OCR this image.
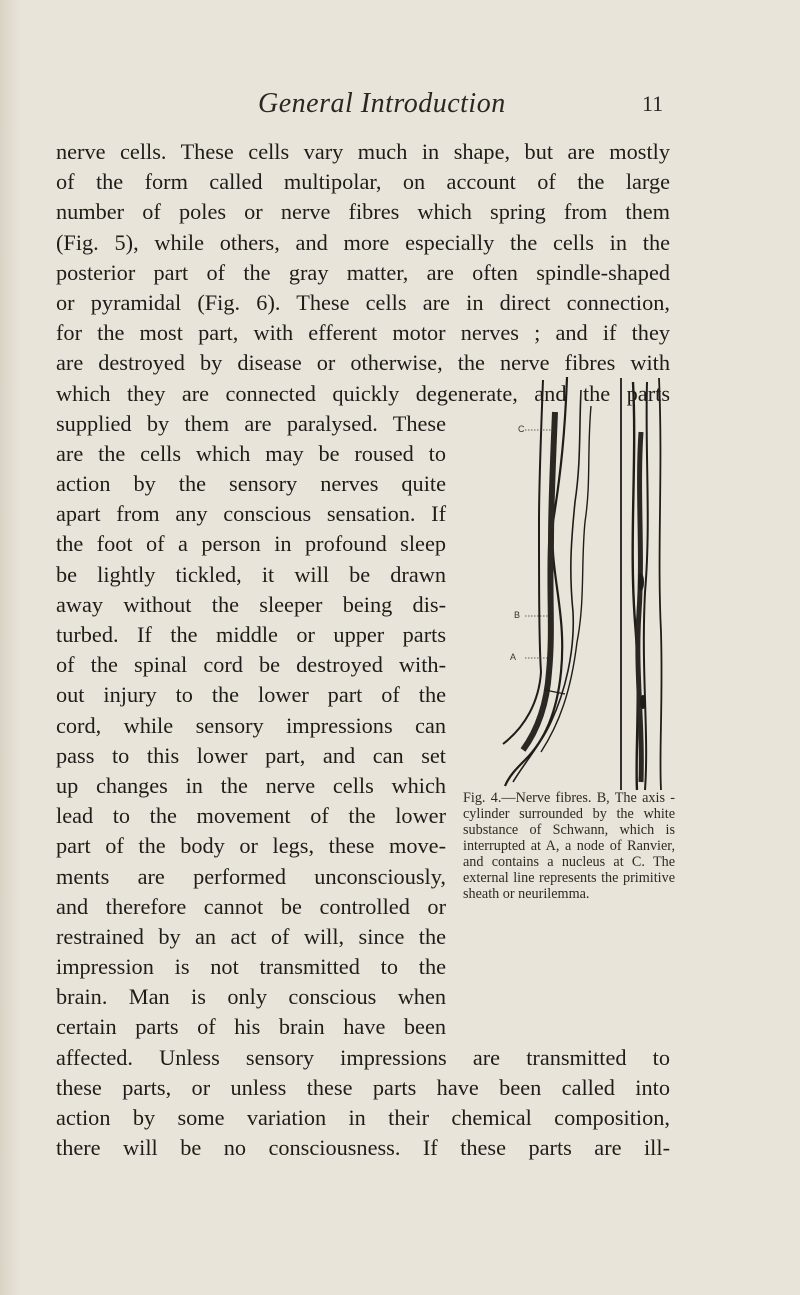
General Introduction	11
nerve cells. These cells vary much in shape, but are mostly
of the form called multipolar, on account of the large
number of poles or nerve fibres which spring from them
(Fig. 5), while others, and more especially the cells in the
posterior part of the gray matter, are often spindle-shaped
or pyramidal (Fig. 6). These cells are in direct connection,
for the most part, with efferent motor nerves ; and if they
are destroyed by disease or otherwise, the nerve fibres with
which they are connected quickly degenerate, and the parts
supplied by them are paralysed. These
are the cells which may be roused to
action by the sensory nerves quite
apart from any conscious sensation. If
the foot of a person in profound sleep
be lightly tickled, it will be drawn
away without the sleeper being dis-
turbed. If the middle or upper parts
of the spinal cord be destroyed with-
out injury to the lower part of the
cord, while sensory impressions can
pass to this lower part, and can set
up changes in the nerve cells which
lead to the movement of the lower
part of the body or legs, these move-
ments are performed unconsciously,
and therefore cannot be controlled or
restrained by an act of will, since the
impression is not transmitted to the
brain. Man is only conscious when
certain parts of his brain have been
affected. Unless sensory impressions are transmitted to
these parts, or unless these parts have been called into
action by some variation in their chemical composition,
there will be no consciousness. If these parts are ill-
C
B
A
Fig. 4.—Nerve fibres. B, The axis - cylinder surrounded by the white substance of Schwann, which is interrupted at A, a node of Ranvier, and contains a nucleus at C. The external line represents the primitive sheath or neurilemma.
